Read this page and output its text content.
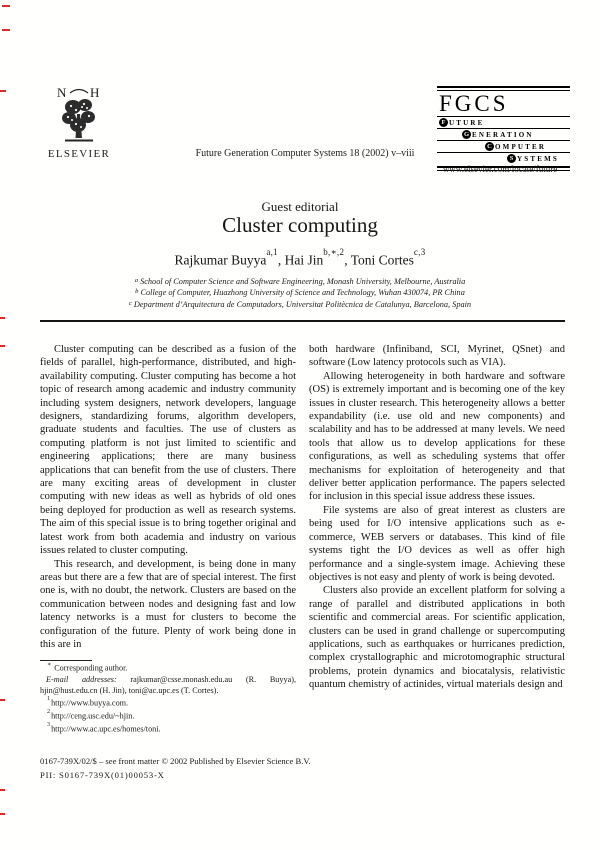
N H
ELSEVIER	Future Generation Computer Systems 18 (2002) v–viii
FGCS
F UTURE
G ENERATION
C OMPUTER
S YSTEMS
www.elsevier.com/locate/future
Guest editorial
Cluster computing
Rajkumar Buyya$^{a,1}$, Hai Jin$^{b,∗,2}$, Toni Cortes$^{c,3}$
$^a$ School of Computer Science and Software Engineering, Monash University, Melbourne, Australia
$^b$ College of Computer, Huazhong University of Science and Technology, Wuhan 430074, PR China
$^c$ Department d’Arquitectura de Computadors, Universitat Politècnica de Catalunya, Barcelona, Spain

Cluster computing can be described as a fusion of the fields of parallel, high-performance, distributed, and high-availability computing. Cluster computing has become a hot topic of research among academic and industry community including system designers, network developers, language designers, standardizing forums, algorithm developers, graduate students and faculties. The use of clusters as computing platform is not just limited to scientific and engineering applications; there are many business applications that can benefit from the use of clusters. There are many exciting areas of development in cluster computing with new ideas as well as hybrids of old ones being deployed for production as well as research systems. The aim of this special issue is to bring together original and latest work from both academia and industry on various issues related to cluster computing.

This research, and development, is being done in many areas but there are a few that are of special interest. The first one is, with no doubt, the network. Clusters are based on the communication between nodes and designing fast and low latency networks is a must for clusters to become the configuration of the future. Plenty of work being done in this are in

∗ Corresponding author.

E-mail addresses: rajkumar@csse.monash.edu.au (R. Buyya), hjin@hust.edu.cn (H. Jin), toni@ac.upc.es (T. Cortes).

$^1$http://www.buyya.com.
$^2$http://ceng.usc.edu/~hjin.
$^3$http://www.ac.upc.es/homes/toni.

both hardware (Infiniband, SCI, Myrinet, QSnet) and software (Low latency protocols such as VIA).

Allowing heterogeneity in both hardware and software (OS) is extremely important and is becoming one of the key issues in cluster research. This heterogeneity allows a better expandability (i.e. use old and new components) and scalability and has to be addressed at many levels. We need tools that allow us to develop applications for these configurations, as well as scheduling systems that offer mechanisms for exploitation of heterogeneity and that deliver better application performance. The papers selected for inclusion in this special issue address these issues.

File systems are also of great interest as clusters are being used for I/O intensive applications such as e-commerce, WEB servers or databases. This kind of file systems tight the I/O devices as well as offer high performance and a single-system image. Achieving these objectives is not easy and plenty of work is being devoted.

Clusters also provide an excellent platform for solving a range of parallel and distributed applications in both scientific and commercial areas. For scientific application, clusters can be used in grand challenge or supercomputing applications, such as earthquakes or hurricanes prediction, complex crystallographic and microtomographic structural problems, protein dynamics and biocatalysis, relativistic quantum chemistry of actinides, virtual materials design and

0167-739X/02/$ – see front matter © 2002 Published by Elsevier Science B.V.
PII: S0167-739X(01)00053-X
